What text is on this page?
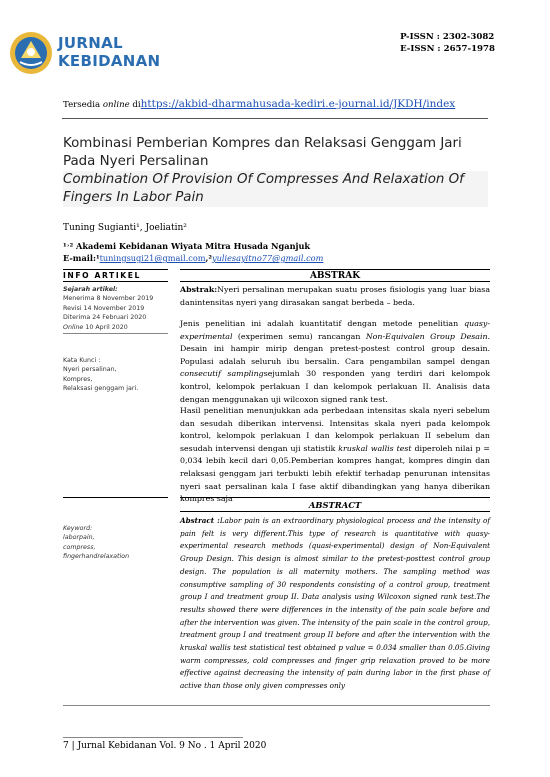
JURNAL
KEBIDANAN
P-ISSN : 2302-3082
E-ISSN : 2657-1978
Tersedia online dihttps://akbid-dharmahusada-kediri.e-journal.id/JKDH/index
Kombinasi Pemberian Kompres dan Relaksasi Genggam Jari Pada Nyeri Persalinan
Combination Of Provision Of Compresses And Relaxation Of Fingers In Labor Pain
Tuning Sugianti¹, Joeliatin²
¹˒² Akademi Kebidanan Wiyata Mitra Husada Nganjuk
E-mail:¹tuningsugi21@gmail.com,²yuliesayitno77@gmail.com
INFO ARTIKEL	ABSTRAK
Sejarah artikel:
Menerima 8 November 2019
Revisi 14 November 2019
Diterima 24 Februari 2020
Online 10 April 2020
Kata Kunci :
Nyeri persalinan,
Kompres,
Relaksasi genggam jari.
Abstrak:Nyeri persalinan merupakan suatu proses fisiologis yang luar biasa danintensitas nyeri yang dirasakan sangat berbeda – beda.
Jenis penelitian ini adalah kuantitatif dengan metode penelitian quasy-experimental (experimen semu) rancangan Non-Equivalen Group Desain. Desain ini hampir mirip dengan pretest-postest control group desain. Populasi adalah seluruh ibu bersalin. Cara pengambilan sampel dengan consecutif samplingsejumlah 30 responden yang terdiri dari kelompok kontrol, kelompok perlakuan I dan kelompok perlakuan II. Analisis data dengan menggunakan uji wilcoxon signed rank test.
Hasil penelitian menunjukkan ada perbedaan intensitas skala nyeri sebelum dan sesudah diberikan intervensi. Intensitas skala nyeri pada kelompok kontrol, kelompok perlakuan I dan kelompok perlakuan II sebelum dan sesudah intervensi dengan uji statistik kruskal wallis test diperoleh nilai p = 0,034 lebih kecil dari 0,05.Pemberian kompres hangat, kompres dingin dan relaksasi genggam jari terbukti lebih efektif terhadap penurunan intensitas nyeri saat persalinan kala I fase aktif dibandingkan yang hanya diberikan kompres saja
ABSTRACT
Keyword:
laborpain,
compress,
fingerhandrelaxation
Abstract :Labor pain is an extraordinary physiological process and the intensity of pain felt is very different.This type of research is quantitative with quasy-experimental research methods (quasi-experimental) design of Non-Equivalent Group Design. This design is almost similar to the pretest-posttest control group design. The population is all maternity mothers. The sampling method was consumptive sampling of 30 respondents consisting of a control group, treatment group I and treatment group II. Data analysis using Wilcoxon signed rank test.The results showed there were differences in the intensity of the pain scale before and after the intervention was given. The intensity of the pain scale in the control group, treatment group I and treatment group II before and after the intervention with the kruskal wallis test statistical test obtained p value = 0.034 smaller than 0.05.Giving warm compresses, cold compresses and finger grip relaxation proved to be more effective against decreasing the intensity of pain during labor in the first phase of active than those only given compresses only
7 | Jurnal Kebidanan Vol. 9 No . 1 April 2020
